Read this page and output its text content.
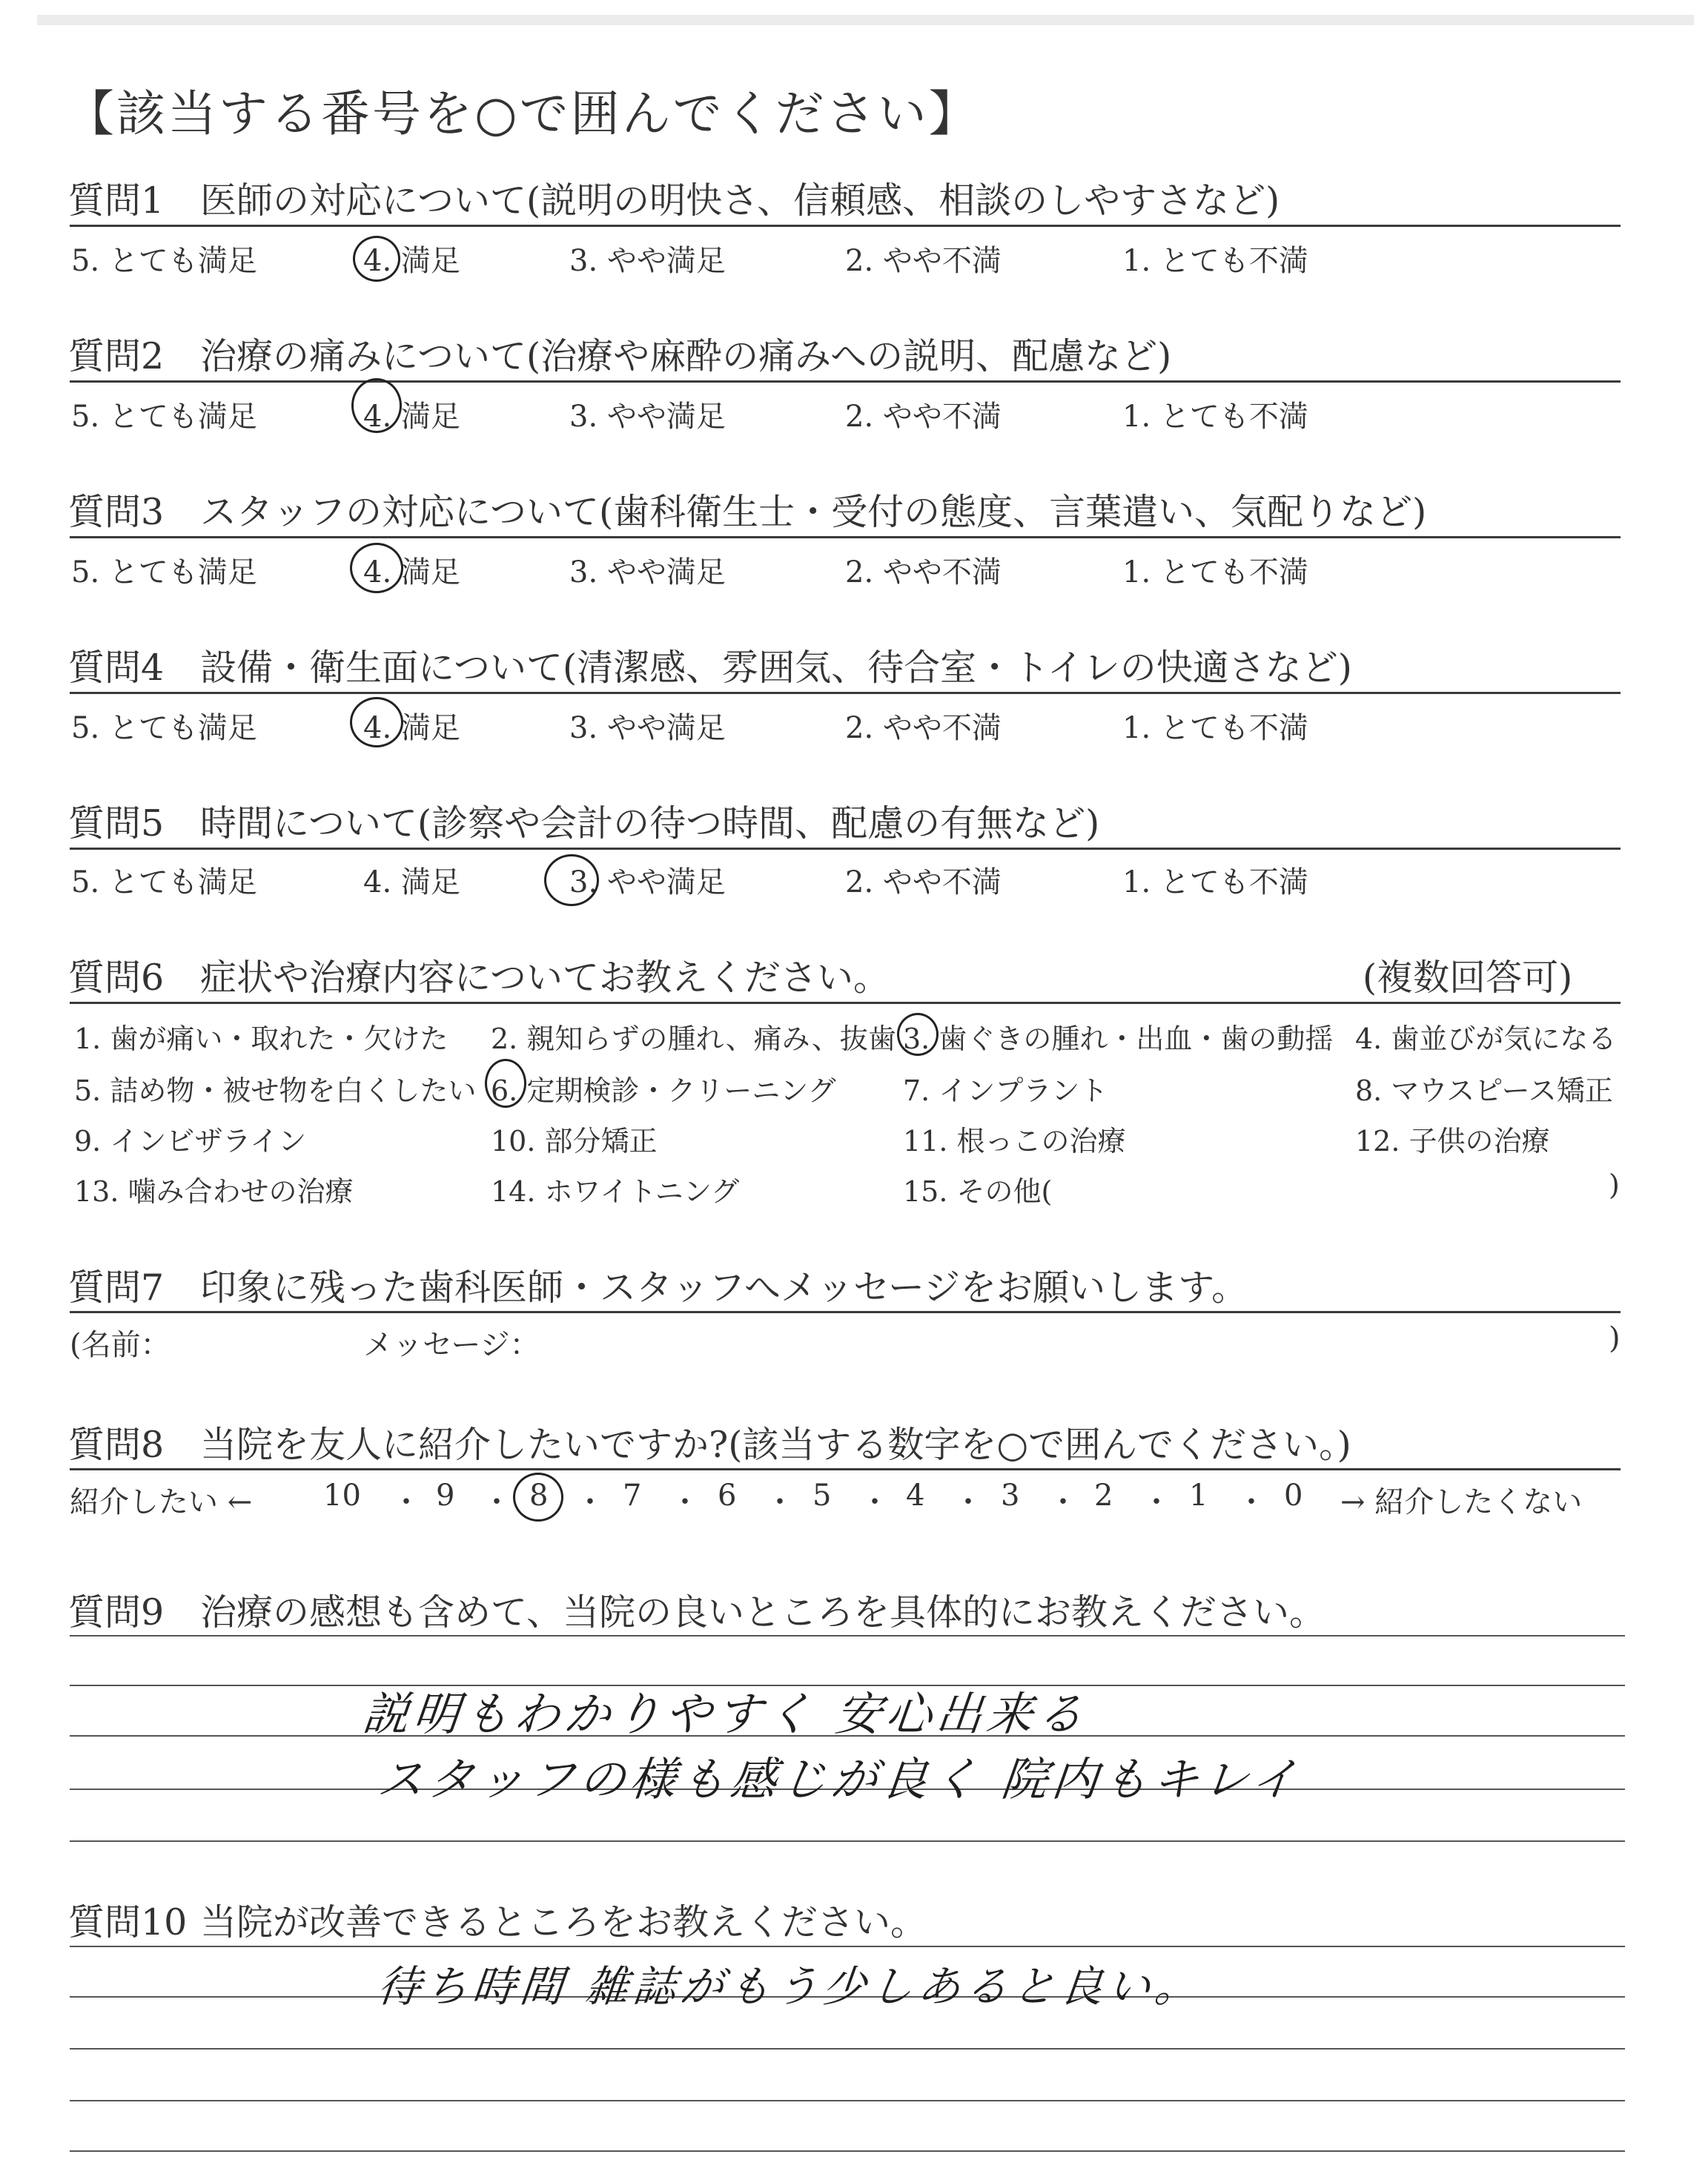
【該当する番号を○で囲んでください】
質問1 医師の対応について(説明の明快さ、信頼感、相談のしやすさなど)
5. とても満足	4. 満足	3. やや満足	2. やや不満	1. とても不満
質問2 治療の痛みについて(治療や麻酔の痛みへの説明、配慮など)
5. とても満足	4. 満足	3. やや満足	2. やや不満	1. とても不満
質問3 スタッフの対応について(歯科衛生士・受付の態度、言葉遣い、気配りなど)
5. とても満足	4. 満足	3. やや満足	2. やや不満	1. とても不満
質問4 設備・衛生面について(清潔感、雰囲気、待合室・トイレの快適さなど)
5. とても満足	4. 満足	3. やや満足	2. やや不満	1. とても不満
質問5 時間について(診察や会計の待つ時間、配慮の有無など)
5. とても満足	4. 満足	3. やや満足	2. やや不満	1. とても不満
質問6 症状や治療内容についてお教えください。	(複数回答可)
1. 歯が痛い・取れた・欠けた 2. 親知らずの腫れ、痛み、抜歯 3. 歯ぐきの腫れ・出血・歯の動揺 4. 歯並びが気になる
5. 詰め物・被せ物を白くしたい 6. 定期検診・クリーニング 7. インプラント	8. マウスピース矯正
9. インビザライン	10. 部分矯正	11. 根っこの治療	12. 子供の治療
13. 噛み合わせの治療	14. ホワイトニング	15. その他(	)
質問7 印象に残った歯科医師・スタッフへメッセージをお願いします。
(名前：	メッセージ：	)
質問8 当院を友人に紹介したいですか?(該当する数字を○で囲んでください。)
紹介したい ← 10 ・ 9 ・ 8 ・ 7 ・ 6 ・ 5 ・ 4 ・ 3 ・ 2 ・ 1 ・ 0 → 紹介したくない
質問9 治療の感想も含めて、当院の良いところを具体的にお教えください。
説明もわかりやすく 安心出来る
スタッフの様も感じが良く 院内もキレイ
質問10 当院が改善できるところをお教えください。
待ち時間 雑誌がもう少しあると良い。
